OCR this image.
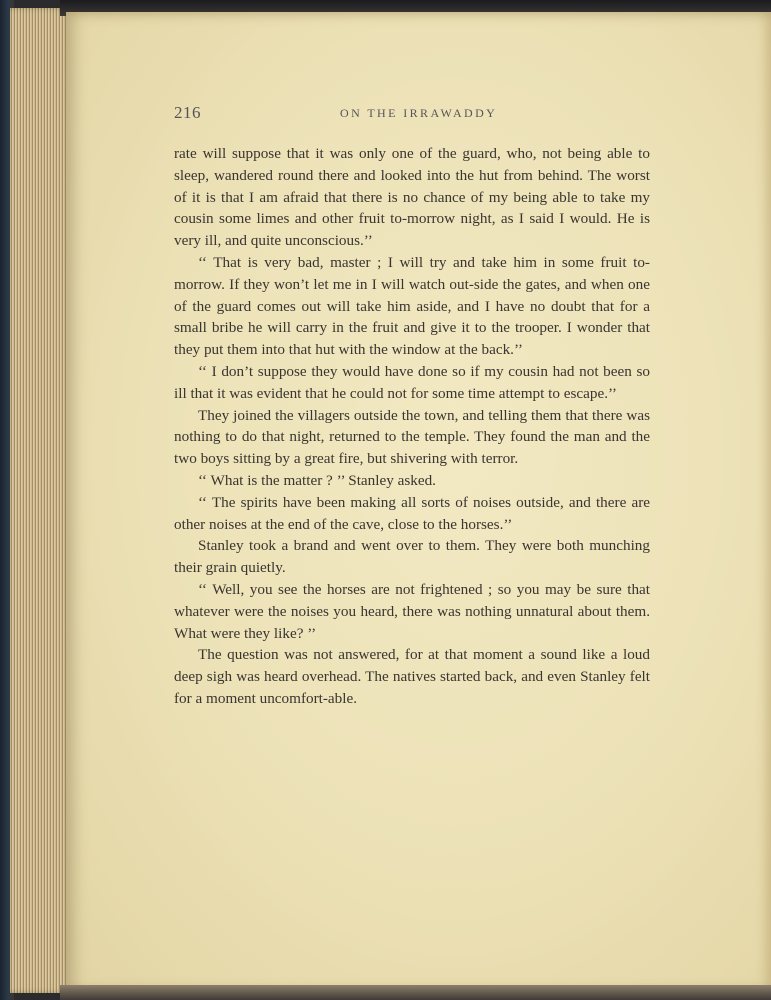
216	ON THE IRRAWADDY

rate will suppose that it was only one of the guard, who, not being able to sleep, wandered round there and looked into the hut from behind. The worst of it is that I am afraid that there is no chance of my being able to take my cousin some limes and other fruit to-morrow night, as I said I would. He is very ill, and quite unconscious.’’

‘‘ That is very bad, master ; I will try and take him in some fruit to-morrow. If they won’t let me in I will watch out-side the gates, and when one of the guard comes out will take him aside, and I have no doubt that for a small bribe he will carry in the fruit and give it to the trooper. I wonder that they put them into that hut with the window at the back.’’

‘‘ I don’t suppose they would have done so if my cousin had not been so ill that it was evident that he could not for some time attempt to escape.’’

They joined the villagers outside the town, and telling them that there was nothing to do that night, returned to the temple. They found the man and the two boys sitting by a great fire, but shivering with terror.

‘‘ What is the matter ? ’’ Stanley asked.

‘‘ The spirits have been making all sorts of noises outside, and there are other noises at the end of the cave, close to the horses.’’

Stanley took a brand and went over to them. They were both munching their grain quietly.

‘‘ Well, you see the horses are not frightened ; so you may be sure that whatever were the noises you heard, there was nothing unnatural about them. What were they like? ’’

The question was not answered, for at that moment a sound like a loud deep sigh was heard overhead. The natives started back, and even Stanley felt for a moment uncomfort-able.
